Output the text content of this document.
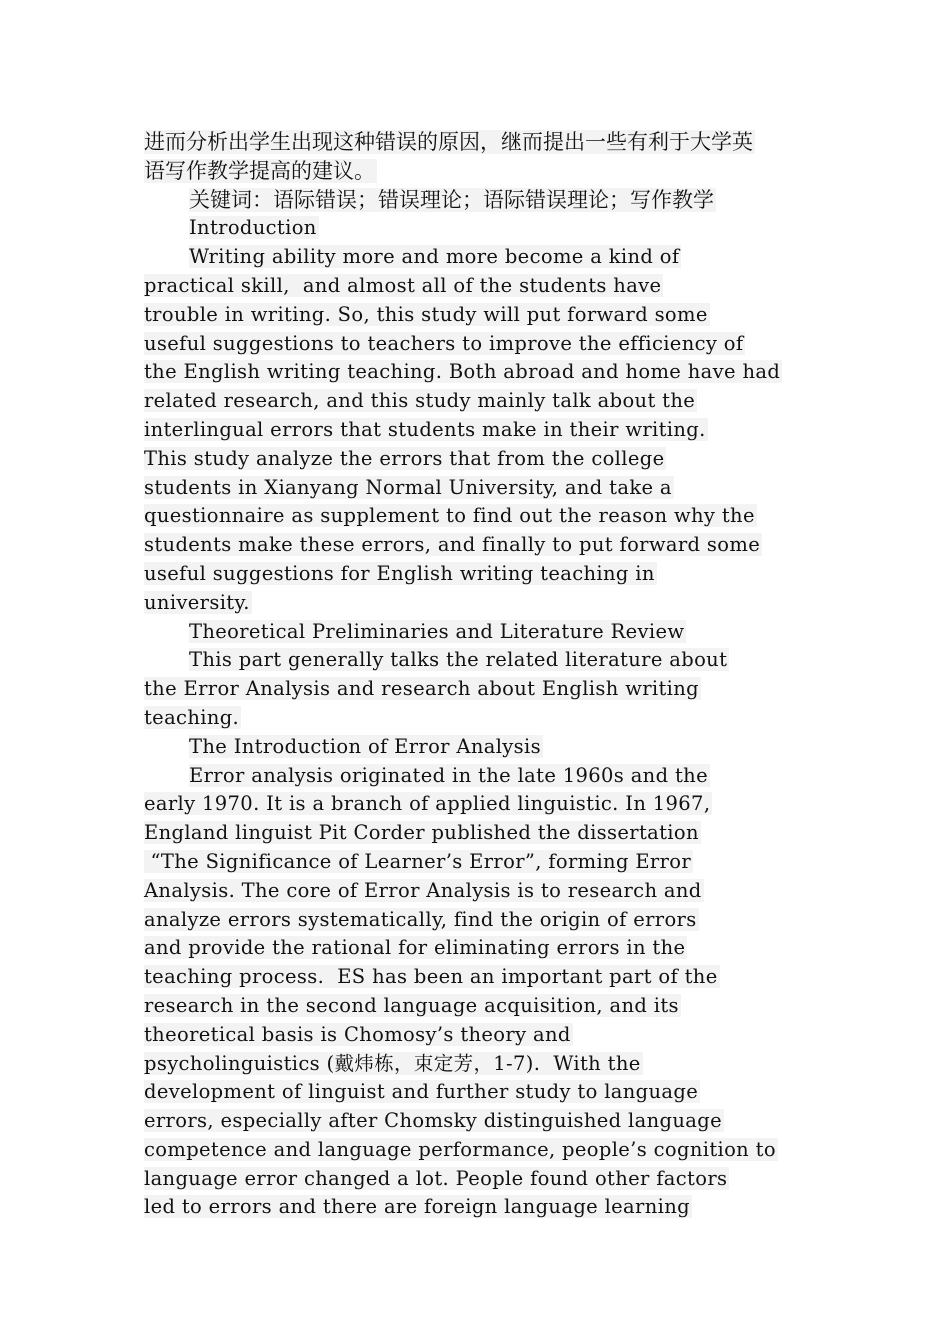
进而分析出学生出现这种错误的原因，继而提出一些有利于大学英
语写作教学提高的建议。
关键词：语际错误；错误理论；语际错误理论；写作教学
Introduction
Writing ability more and more become a kind of
practical skill,  and almost all of the students have
trouble in writing. So, this study will put forward some
useful suggestions to teachers to improve the efficiency of
the English writing teaching. Both abroad and home have had
related research, and this study mainly talk about the
interlingual errors that students make in their writing.
This study analyze the errors that from the college
students in Xianyang Normal University, and take a
questionnaire as supplement to find out the reason why the
students make these errors, and finally to put forward some
useful suggestions for English writing teaching in
university.
Theoretical Preliminaries and Literature Review
This part generally talks the related literature about
the Error Analysis and research about English writing
teaching.
The Introduction of Error Analysis
Error analysis originated in the late 1960s and the
early 1970. It is a branch of applied linguistic. In 1967,
England linguist Pit Corder published the dissertation
“The Significance of Learner’s Error”, forming Error
Analysis. The core of Error Analysis is to research and
analyze errors systematically, find the origin of errors
and provide the rational for eliminating errors in the
teaching process.  ES has been an important part of the
research in the second language acquisition, and its
theoretical basis is Chomosy’s theory and
psycholinguistics (戴炜栋，束定芳，1-7).  With the
development of linguist and further study to language
errors, especially after Chomsky distinguished language
competence and language performance, people’s cognition to
language error changed a lot. People found other factors
led to errors and there are foreign language learning
